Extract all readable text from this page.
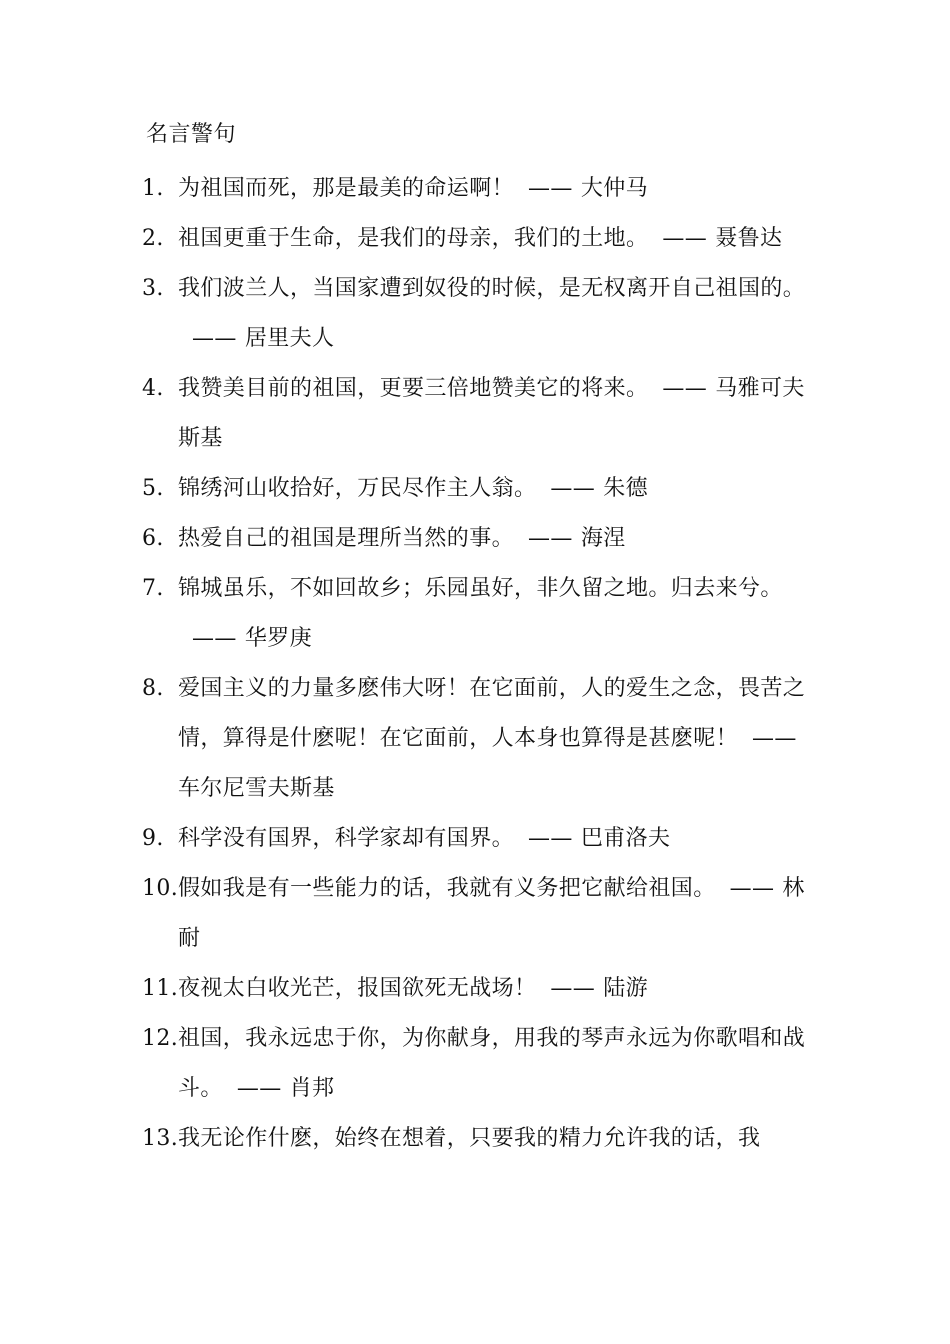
名言警句
1. 为祖国而死，那是最美的命运啊！ —— 大仲马
2. 祖国更重于生命，是我们的母亲，我们的土地。 —— 聂鲁达
3. 我们波兰人，当国家遭到奴役的时候，是无权离开自己祖国的。—— 居里夫人
4. 我赞美目前的祖国，更要三倍地赞美它的将来。 —— 马雅可夫斯基
5. 锦绣河山收拾好，万民尽作主人翁。 —— 朱德
6. 热爱自己的祖国是理所当然的事。 —— 海涅
7. 锦城虽乐，不如回故乡；乐园虽好，非久留之地。归去来兮。—— 华罗庚
8. 爱国主义的力量多麽伟大呀！在它面前，人的爱生之念，畏苦之情，算得是什麽呢！在它面前，人本身也算得是甚麽呢！ ——车尔尼雪夫斯基
9. 科学没有国界，科学家却有国界。 —— 巴甫洛夫
10. 假如我是有一些能力的话，我就有义务把它献给祖国。 —— 林耐
11. 夜视太白收光芒，报国欲死无战场！ —— 陆游
12. 祖国，我永远忠于你，为你献身，用我的琴声永远为你歌唱和战斗。 —— 肖邦
13. 我无论作什麽，始终在想着，只要我的精力允许我的话，我
